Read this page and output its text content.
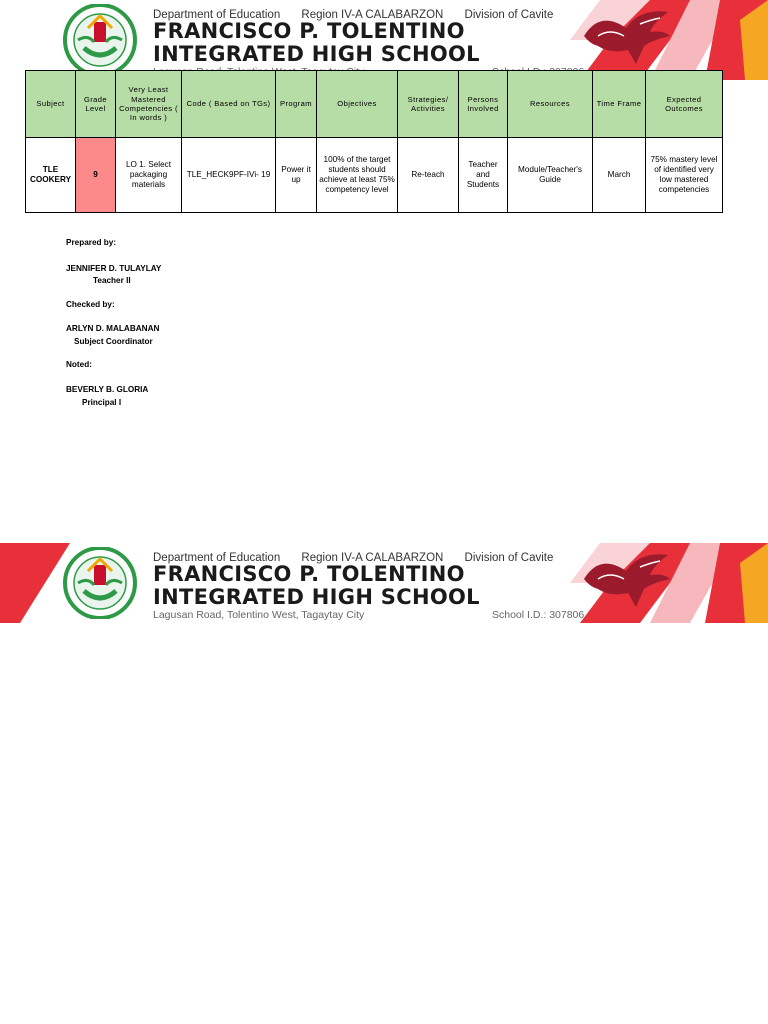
Department of Education Region IV-A CALABARZON Division of Cavite
FRANCISCO P. TOLENTINO
INTEGRATED HIGH SCHOOL
Subject	Grade Level	Very Least Mastered Competencies ( In words )	Code ( Based on TGs)	Program	Objectives	Strategies/ Activities	Persons Involved	Resources	Time Frame	Expected Outcomes
TLE COOKERY	9	LO 1. Select packaging materials	TLE_HECK9PF-IVi- 19	Power it up	100% of the target students should achieve at least 75% competency level	Re-teach	Teacher and Students	Module/Teacher's Guide	March	75% mastery level of identified very low mastered competencies
Prepared by:
JENNIFER D. TULAYLAY
Teacher II
Checked by:
ARLYN D. MALABANAN
Subject Coordinator
Noted:
BEVERLY B. GLORIA
Principal I
Department of Education Region IV-A CALABARZON Division of Cavite
FRANCISCO P. TOLENTINO
INTEGRATED HIGH SCHOOL
Lagusan Road, Tolentino West, Tagaytay City	School I.D.: 307806
